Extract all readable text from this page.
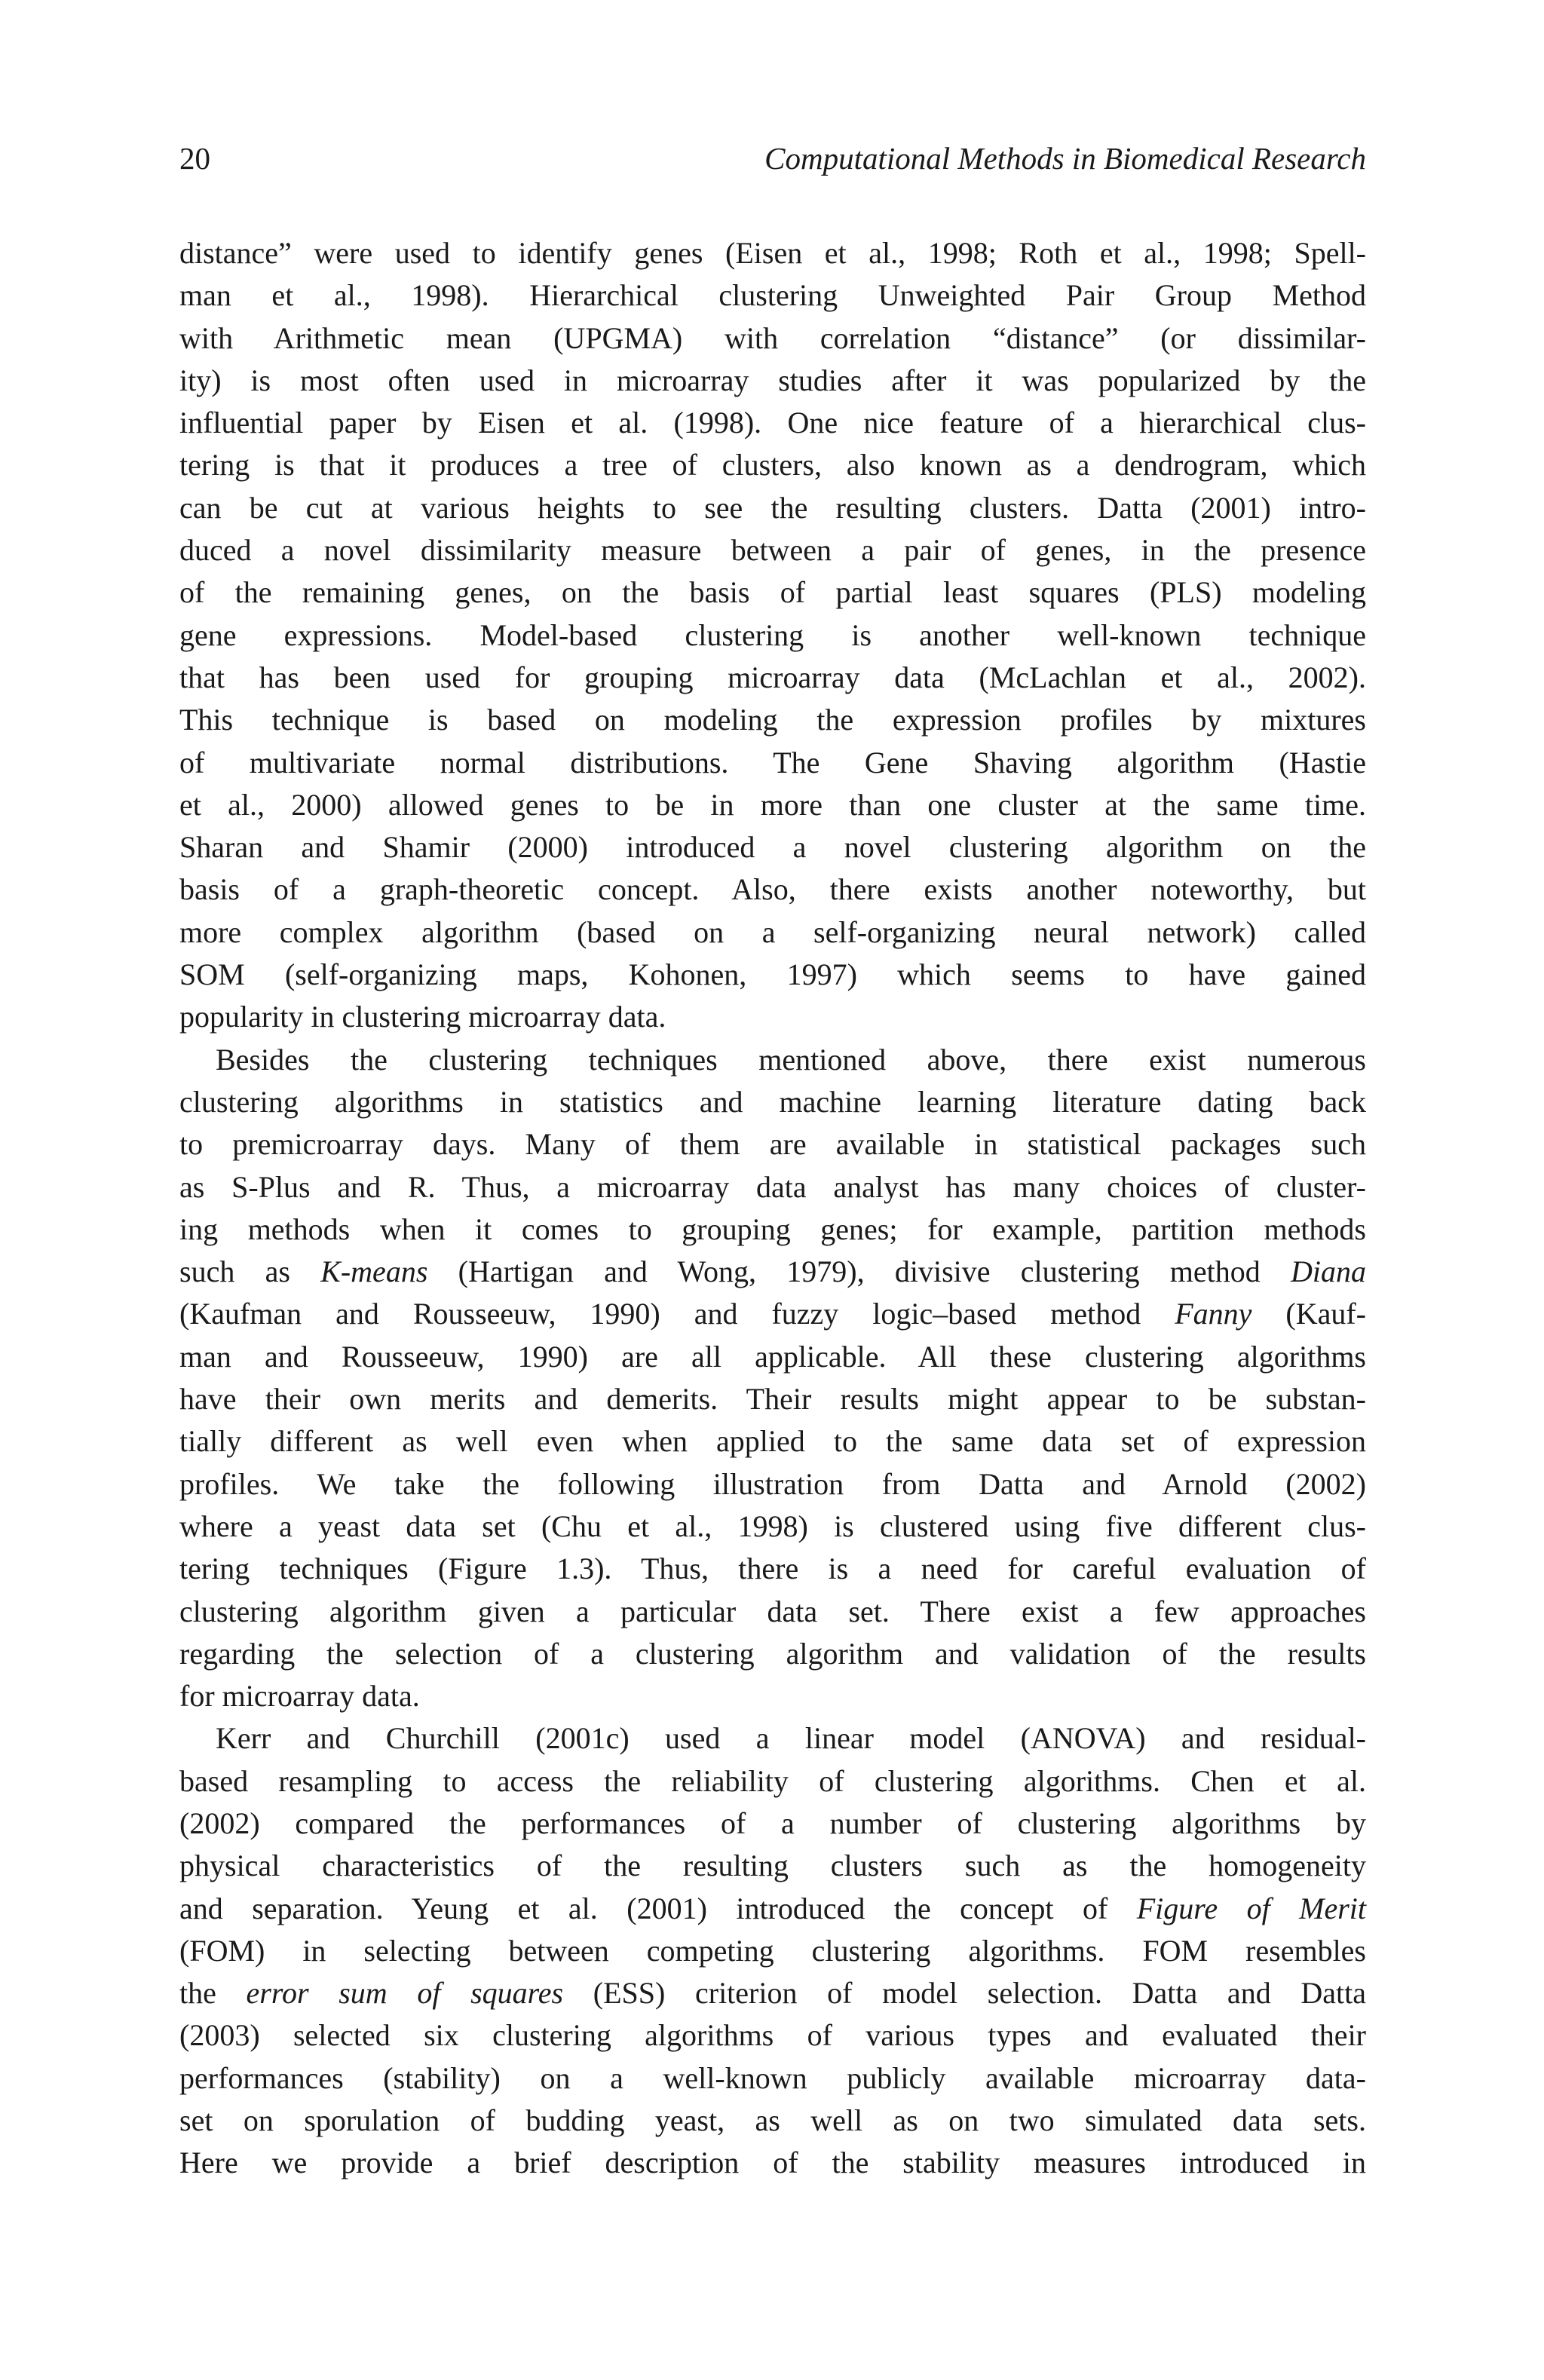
20	Computational Methods in Biomedical Research
distance” were used to identify genes (Eisen et al., 1998; Roth et al., 1998; Spell-
man et al., 1998). Hierarchical clustering Unweighted Pair Group Method
with Arithmetic mean (UPGMA) with correlation “distance” (or dissimilar-
ity) is most often used in microarray studies after it was popularized by the
influential paper by Eisen et al. (1998). One nice feature of a hierarchical clus-
tering is that it produces a tree of clusters, also known as a dendrogram, which
can be cut at various heights to see the resulting clusters. Datta (2001) intro-
duced a novel dissimilarity measure between a pair of genes, in the presence
of the remaining genes, on the basis of partial least squares (PLS) modeling
gene expressions. Model-based clustering is another well-known technique
that has been used for grouping microarray data (McLachlan et al., 2002).
This technique is based on modeling the expression profiles by mixtures
of multivariate normal distributions. The Gene Shaving algorithm (Hastie
et al., 2000) allowed genes to be in more than one cluster at the same time.
Sharan and Shamir (2000) introduced a novel clustering algorithm on the
basis of a graph-theoretic concept. Also, there exists another noteworthy, but
more complex algorithm (based on a self-organizing neural network) called
SOM (self-organizing maps, Kohonen, 1997) which seems to have gained
popularity in clustering microarray data.
Besides the clustering techniques mentioned above, there exist numerous
clustering algorithms in statistics and machine learning literature dating back
to premicroarray days. Many of them are available in statistical packages such
as S-Plus and R. Thus, a microarray data analyst has many choices of cluster-
ing methods when it comes to grouping genes; for example, partition methods
such as K-means (Hartigan and Wong, 1979), divisive clustering method Diana
(Kaufman and Rousseeuw, 1990) and fuzzy logic–based method Fanny (Kauf-
man and Rousseeuw, 1990) are all applicable. All these clustering algorithms
have their own merits and demerits. Their results might appear to be substan-
tially different as well even when applied to the same data set of expression
profiles. We take the following illustration from Datta and Arnold (2002)
where a yeast data set (Chu et al., 1998) is clustered using five different clus-
tering techniques (Figure 1.3). Thus, there is a need for careful evaluation of
clustering algorithm given a particular data set. There exist a few approaches
regarding the selection of a clustering algorithm and validation of the results
for microarray data.
Kerr and Churchill (2001c) used a linear model (ANOVA) and residual-
based resampling to access the reliability of clustering algorithms. Chen et al.
(2002) compared the performances of a number of clustering algorithms by
physical characteristics of the resulting clusters such as the homogeneity
and separation. Yeung et al. (2001) introduced the concept of Figure of Merit
(FOM) in selecting between competing clustering algorithms. FOM resembles
the error sum of squares (ESS) criterion of model selection. Datta and Datta
(2003) selected six clustering algorithms of various types and evaluated their
performances (stability) on a well-known publicly available microarray data-
set on sporulation of budding yeast, as well as on two simulated data sets.
Here we provide a brief description of the stability measures introduced in
